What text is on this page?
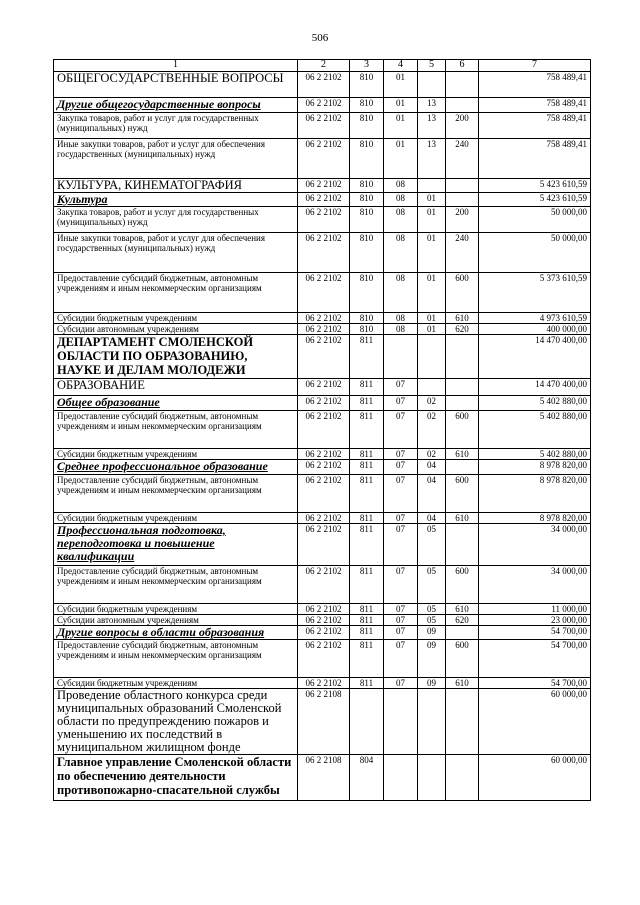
506
1	2	3	4	5	6	7
ОБЩЕГОСУДАРСТВЕННЫЕ ВОПРОСЫ	06 2 2102	810	01			758 489,41
Другие общегосударственные вопросы	06 2 2102	810	01	13		758 489,41
Закупка товаров, работ и услуг для государственных (муниципальных) нужд	06 2 2102	810	01	13	200	758 489,41
Иные закупки товаров, работ и услуг для обеспечения государственных (муниципальных) нужд	06 2 2102	810	01	13	240	758 489,41
КУЛЬТУРА, КИНЕМАТОГРАФИЯ	06 2 2102	810	08			5 423 610,59
Культура	06 2 2102	810	08	01		5 423 610,59
Закупка товаров, работ и услуг для государственных (муниципальных) нужд	06 2 2102	810	08	01	200	50 000,00
Иные закупки товаров, работ и услуг для обеспечения государственных (муниципальных) нужд	06 2 2102	810	08	01	240	50 000,00
Предоставление субсидий бюджетным, автономным учреждениям и иным некоммерческим организациям	06 2 2102	810	08	01	600	5 373 610,59
Субсидии бюджетным учреждениям	06 2 2102	810	08	01	610	4 973 610,59
Субсидии автономным учреждениям	06 2 2102	810	08	01	620	400 000,00
ДЕПАРТАМЕНТ СМОЛЕНСКОЙ ОБЛАСТИ ПО ОБРАЗОВАНИЮ, НАУКЕ И ДЕЛАМ МОЛОДЕЖИ	06 2 2102	811				14 470 400,00
ОБРАЗОВАНИЕ	06 2 2102	811	07			14 470 400,00
Общее образование	06 2 2102	811	07	02		5 402 880,00
Предоставление субсидий бюджетным, автономным учреждениям и иным некоммерческим организациям	06 2 2102	811	07	02	600	5 402 880,00
Субсидии бюджетным учреждениям	06 2 2102	811	07	02	610	5 402 880,00
Среднее профессиональное образование	06 2 2102	811	07	04		8 978 820,00
Предоставление субсидий бюджетным, автономным учреждениям и иным некоммерческим организациям	06 2 2102	811	07	04	600	8 978 820,00
Субсидии бюджетным учреждениям	06 2 2102	811	07	04	610	8 978 820,00
Профессиональная подготовка, переподготовка и повышение квалификации	06 2 2102	811	07	05		34 000,00
Предоставление субсидий бюджетным, автономным учреждениям и иным некоммерческим организациям	06 2 2102	811	07	05	600	34 000,00
Субсидии бюджетным учреждениям	06 2 2102	811	07	05	610	11 000,00
Субсидии автономным учреждениям	06 2 2102	811	07	05	620	23 000,00
Другие вопросы в области образования	06 2 2102	811	07	09		54 700,00
Предоставление субсидий бюджетным, автономным учреждениям и иным некоммерческим организациям	06 2 2102	811	07	09	600	54 700,00
Субсидии бюджетным учреждениям	06 2 2102	811	07	09	610	54 700,00
Проведение областного конкурса среди муниципальных образований Смоленской области по предупреждению пожаров и уменьшению их последствий в муниципальном жилищном фонде	06 2 2108					60 000,00
Главное управление Смоленской области по обеспечению деятельности противопожарно-спасательной службы	06 2 2108	804				60 000,00
